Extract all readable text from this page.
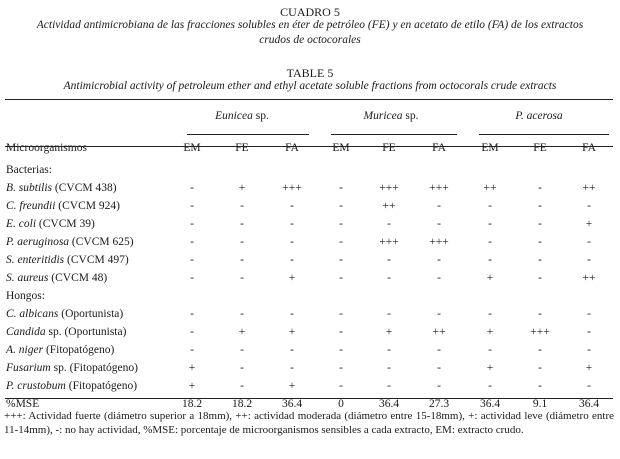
CUADRO 5
Actividad antimicrobiana de las fracciones solubles en éter de petróleo (FE) y en acetato de etilo (FA) de los extractos crudos de octocorales
TABLE 5
Antimicrobial activity of petroleum ether and ethyl acetate soluble fractions from octocorals crude extracts
	Eunicea sp.			Muricea sp.			P. acerosa		

Microorganismos	EM	FE	FA	EM	FE	FA	EM	FE	FA

Bacterias:									
B. subtilis (CVCM 438)	-	+	+++	-	+++	+++	++	-	++
C. freundii (CVCM 924)	-	-	-	-	++	-	-	-	-
E. coli (CVCM 39)	-	-	-	-	-	-	-	-	+
P. aeruginosa (CVCM 625)	-	-	-	-	+++	+++	-	-	-
S. enteritidis (CVCM 497)	-	-	-	-	-	-	-	-	-
S. aureus (CVCM 48)	-	-	+	-	-	-	+	-	++
Hongos:									
C. albicans (Oportunista)	-	-	-	-	-	-	-	-	-
Candida sp. (Oportunista)	-	+	+	-	+	++	+	+++	-
A. niger (Fitopatógeno)	-	-	-	-	-	-	-	-	-
Fusarium sp. (Fitopatógeno)	+	-	-	-	-	-	+	-	+
P. crustobum (Fitopatógeno)	+	-	+	-	-	-	-	-	-
%MSE	18.2	18.2	36.4	0	36.4	27.3	36.4	9.1	36.4
+++: Actividad fuerte (diámetro superior a 18mm), ++: actividad moderada (diámetro entre 15-18mm), +: actividad leve (diámetro entre 11-14mm), -: no hay actividad, %MSE: porcentaje de microorganismos sensibles a cada extracto, EM: extracto crudo.
